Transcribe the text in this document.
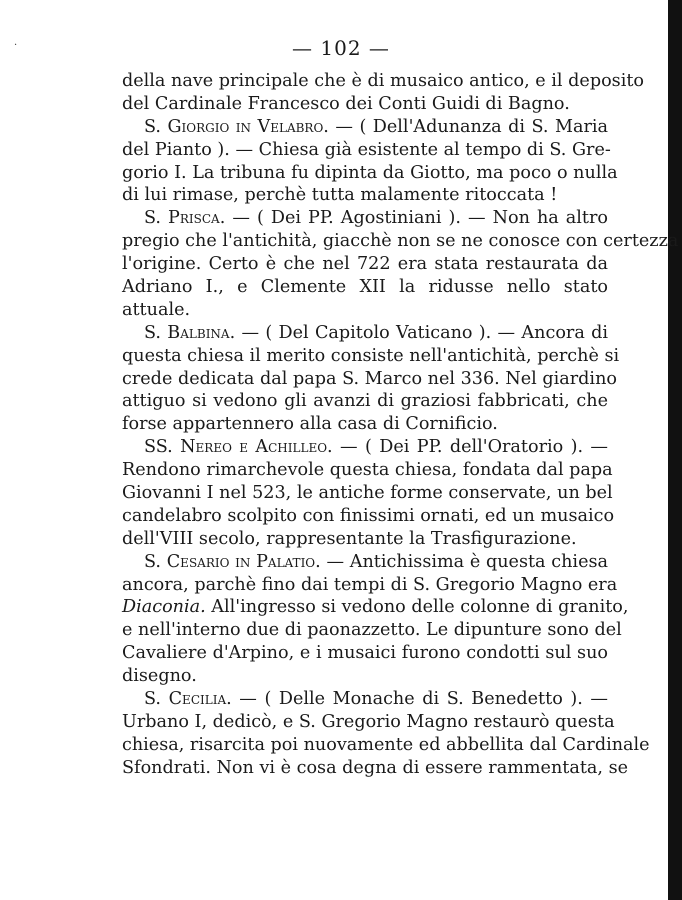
·	— 102 —
della nave principale che è di musaico antico, e il deposito
del Cardinale Francesco dei Conti Guidi di Bagno.
S. Giorgio in Velabro. — ( Dell'Adunanza di S. Maria
del Pianto ). — Chiesa già esistente al tempo di S. Gre-
gorio I. La tribuna fu dipinta da Giotto, ma poco o nulla
di lui rimase, perchè tutta malamente ritoccata !
S. Prisca. — ( Dei PP. Agostiniani ). — Non ha altro
pregio che l'antichità, giacchè non se ne conosce con certezza
l'origine. Certo è che nel 722 era stata restaurata da
Adriano I., e Clemente XII la ridusse nello stato
attuale.
S. Balbina. — ( Del Capitolo Vaticano ). — Ancora di
questa chiesa il merito consiste nell'antichità, perchè si
crede dedicata dal papa S. Marco nel 336. Nel giardino
attiguo si vedono gli avanzi di graziosi fabbricati, che
forse appartennero alla casa di Cornificio.
SS. Nereo e Achilleo. — ( Dei PP. dell'Oratorio ). —
Rendono rimarchevole questa chiesa, fondata dal papa
Giovanni I nel 523, le antiche forme conservate, un bel
candelabro scolpito con finissimi ornati, ed un musaico
dell'VIII secolo, rappresentante la Trasfigurazione.
S. Cesario in Palatio. — Antichissima è questa chiesa
ancora, parchè fino dai tempi di S. Gregorio Magno era
Diaconia. All'ingresso si vedono delle colonne di granito,
e nell'interno due di paonazzetto. Le dipunture sono del
Cavaliere d'Arpino, e i musaici furono condotti sul suo
disegno.
S. Cecilia. — ( Delle Monache di S. Benedetto ). —
Urbano I, dedicò, e S. Gregorio Magno restaurò questa
chiesa, risarcita poi nuovamente ed abbellita dal Cardinale
Sfondrati. Non vi è cosa degna di essere rammentata, se
